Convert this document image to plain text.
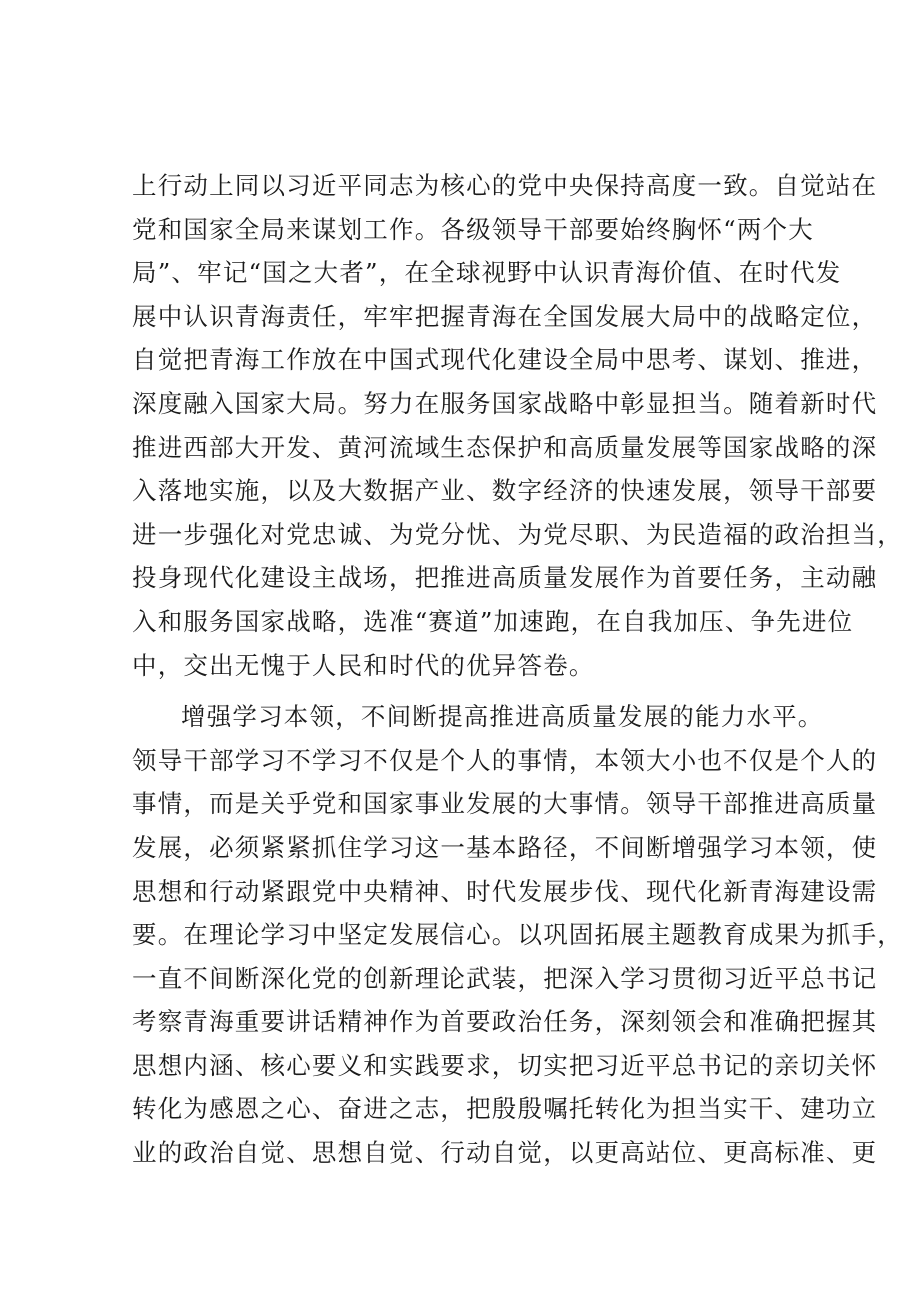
上行动上同以习近平同志为核心的党中央保持高度一致。自觉站在
党和国家全局来谋划工作。各级领导干部要始终胸怀“两个大
局”、牢记“国之大者”，在全球视野中认识青海价值、在时代发
展中认识青海责任，牢牢把握青海在全国发展大局中的战略定位，
自觉把青海工作放在中国式现代化建设全局中思考、谋划、推进，
深度融入国家大局。努力在服务国家战略中彰显担当。随着新时代
推进西部大开发、黄河流域生态保护和高质量发展等国家战略的深
入落地实施，以及大数据产业、数字经济的快速发展，领导干部要
进一步强化对党忠诚、为党分忧、为党尽职、为民造福的政治担当，
投身现代化建设主战场，把推进高质量发展作为首要任务，主动融
入和服务国家战略，选准“赛道”加速跑，在自我加压、争先进位
中，交出无愧于人民和时代的优异答卷。
增强学习本领，不间断提高推进高质量发展的能力水平。
领导干部学习不学习不仅是个人的事情，本领大小也不仅是个人的
事情，而是关乎党和国家事业发展的大事情。领导干部推进高质量
发展，必须紧紧抓住学习这一基本路径，不间断增强学习本领，使
思想和行动紧跟党中央精神、时代发展步伐、现代化新青海建设需
要。在理论学习中坚定发展信心。以巩固拓展主题教育成果为抓手，
一直不间断深化党的创新理论武装，把深入学习贯彻习近平总书记
考察青海重要讲话精神作为首要政治任务，深刻领会和准确把握其
思想内涵、核心要义和实践要求，切实把习近平总书记的亲切关怀
转化为感恩之心、奋进之志，把殷殷嘱托转化为担当实干、建功立
业的政治自觉、思想自觉、行动自觉，以更高站位、更高标准、更
